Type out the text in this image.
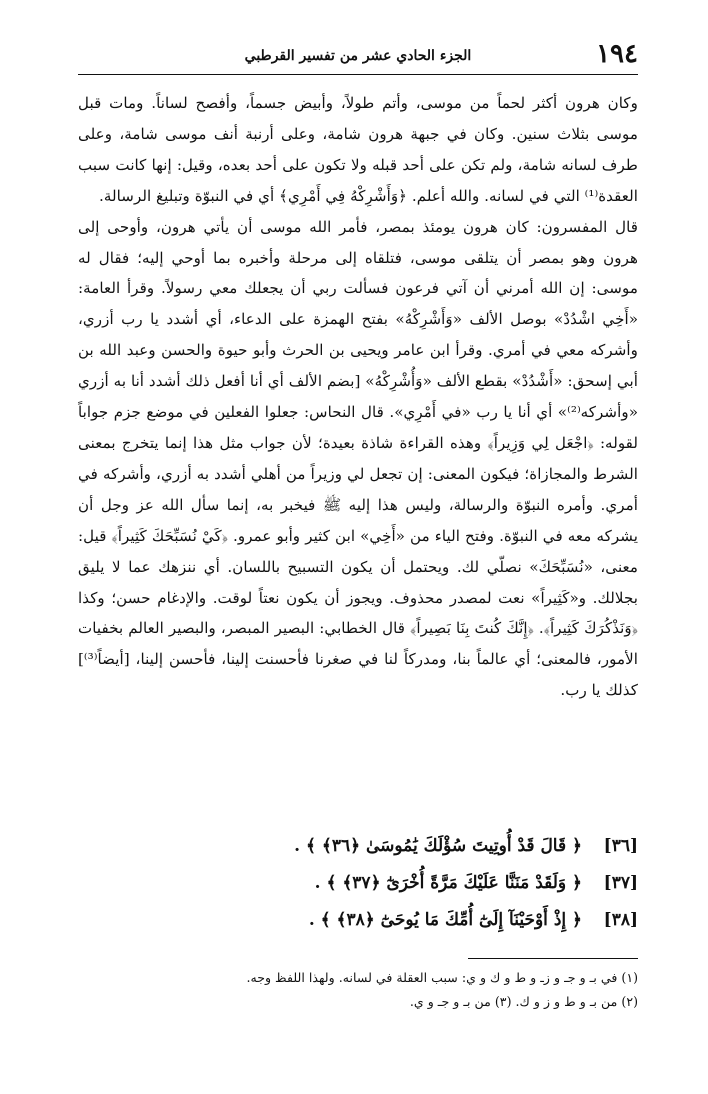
١٩٤
الجزء الحادي عشر من تفسير القرطبي

وكان هرون أكثر لحماً من موسى، وأتم طولاً، وأبيض جسماً، وأفصح لساناً. ومات قبل موسى بثلاث سنين. وكان في جبهة هرون شامة، وعلى أرنبة أنف موسى شامة، وعلى طرف لسانه شامة، ولم تكن على أحد قبله ولا تكون على أحد بعده، وقيل: إنها كانت سبب العقدة⁽¹⁾ التي في لسانه. والله أعلم. ﴿وَأَشْرِكْهُ فِي أَمْرِي﴾ أي في النبوّة وتبليغ الرسالة.

قال المفسرون: كان هرون يومئذ بمصر، فأمر الله موسى أن يأتي هرون، وأوحى إلى هرون وهو بمصر أن يتلقى موسى، فتلقاه إلى مرحلة وأخبره بما أوحي إليه؛ فقال له موسى: إن الله أمرني أن آتي فرعون فسألت ربي أن يجعلك معي رسولاً. وقرأ العامة: «أَخِي اشْدُدْ» بوصل الألف «وَأَشْرِكْهُ» بفتح الهمزة على الدعاء، أي أشدد يا رب أزري، وأشركه معي في أمري. وقرأ ابن عامر ويحيى بن الحرث وأبو حيوة والحسن وعبد الله بن أبي إسحق: «أَشْدُدْ» بقطع الألف «وَأُشْرِكْهُ» [بضم الألف أي أنا أفعل ذلك أشدد أنا به أزري «وأشركه⁽²⁾» أي أنا يا رب «في أَمْرِي». قال النحاس: جعلوا الفعلين في موضع جزم جواباً لقوله: ﴿اجْعَل لِي وَزِيراً﴾ وهذه القراءة شاذة بعيدة؛ لأن جواب مثل هذا إنما يتخرج بمعنى الشرط والمجازاة؛ فيكون المعنى: إن تجعل لي وزيراً من أهلي أشدد به أزري، وأشركه في أمري. وأمره النبوّة والرسالة، وليس هذا إليه ﷺ فيخبر به، إنما سأل الله عز وجل أن يشركه معه في النبوّة. وفتح الياء من «أَخِي» ابن كثير وأبو عمرو. ﴿كَيْ نُسَبِّحَكَ كَثِيراً﴾ قيل: معنى، «نُسَبِّحَكَ» نصلّي لك. ويحتمل أن يكون التسبيح باللسان. أي ننزهك عما لا يليق بجلالك. و«كَثِيراً» نعت لمصدر محذوف. ويجوز أن يكون نعتاً لوقت. والإدغام حسن؛ وكذا ﴿وَنَذْكُرَكَ كَثِيراً﴾. ﴿إِنَّكَ كُنتَ بِنَا بَصِيراً﴾ قال الخطابي: البصير المبصر، والبصير العالم بخفيات الأمور، فالمعنى؛ أي عالماً بنا، ومدركاً لنا في صغرنا فأحسنت إلينا، فأحسن إلينا، [أيضاً⁽³⁾] كذلك يا رب.

[٣٦]
﴿ قَالَ قَدْ أُوتِيتَ سُؤْلَكَ يَٰمُوسَىٰ ﴿٣٦﴾ ﴾ .
[٣٧]
﴿ وَلَقَدْ مَنَنَّا عَلَيْكَ مَرَّةً أُخْرَىٰٓ ﴿٣٧﴾ ﴾ .
[٣٨]
﴿ إِذْ أَوْحَيْنَآ إِلَىٰٓ أُمِّكَ مَا يُوحَىٰٓ ﴿٣٨﴾ ﴾ .
(١) في بـ و جـ و زـ و ط و ك و ي: سبب العقلة في لسانه. ولهذا اللفظ وجه.
(٢) من بـ و ط و ز و ك. (٣) من بـ و جـ و ي.
